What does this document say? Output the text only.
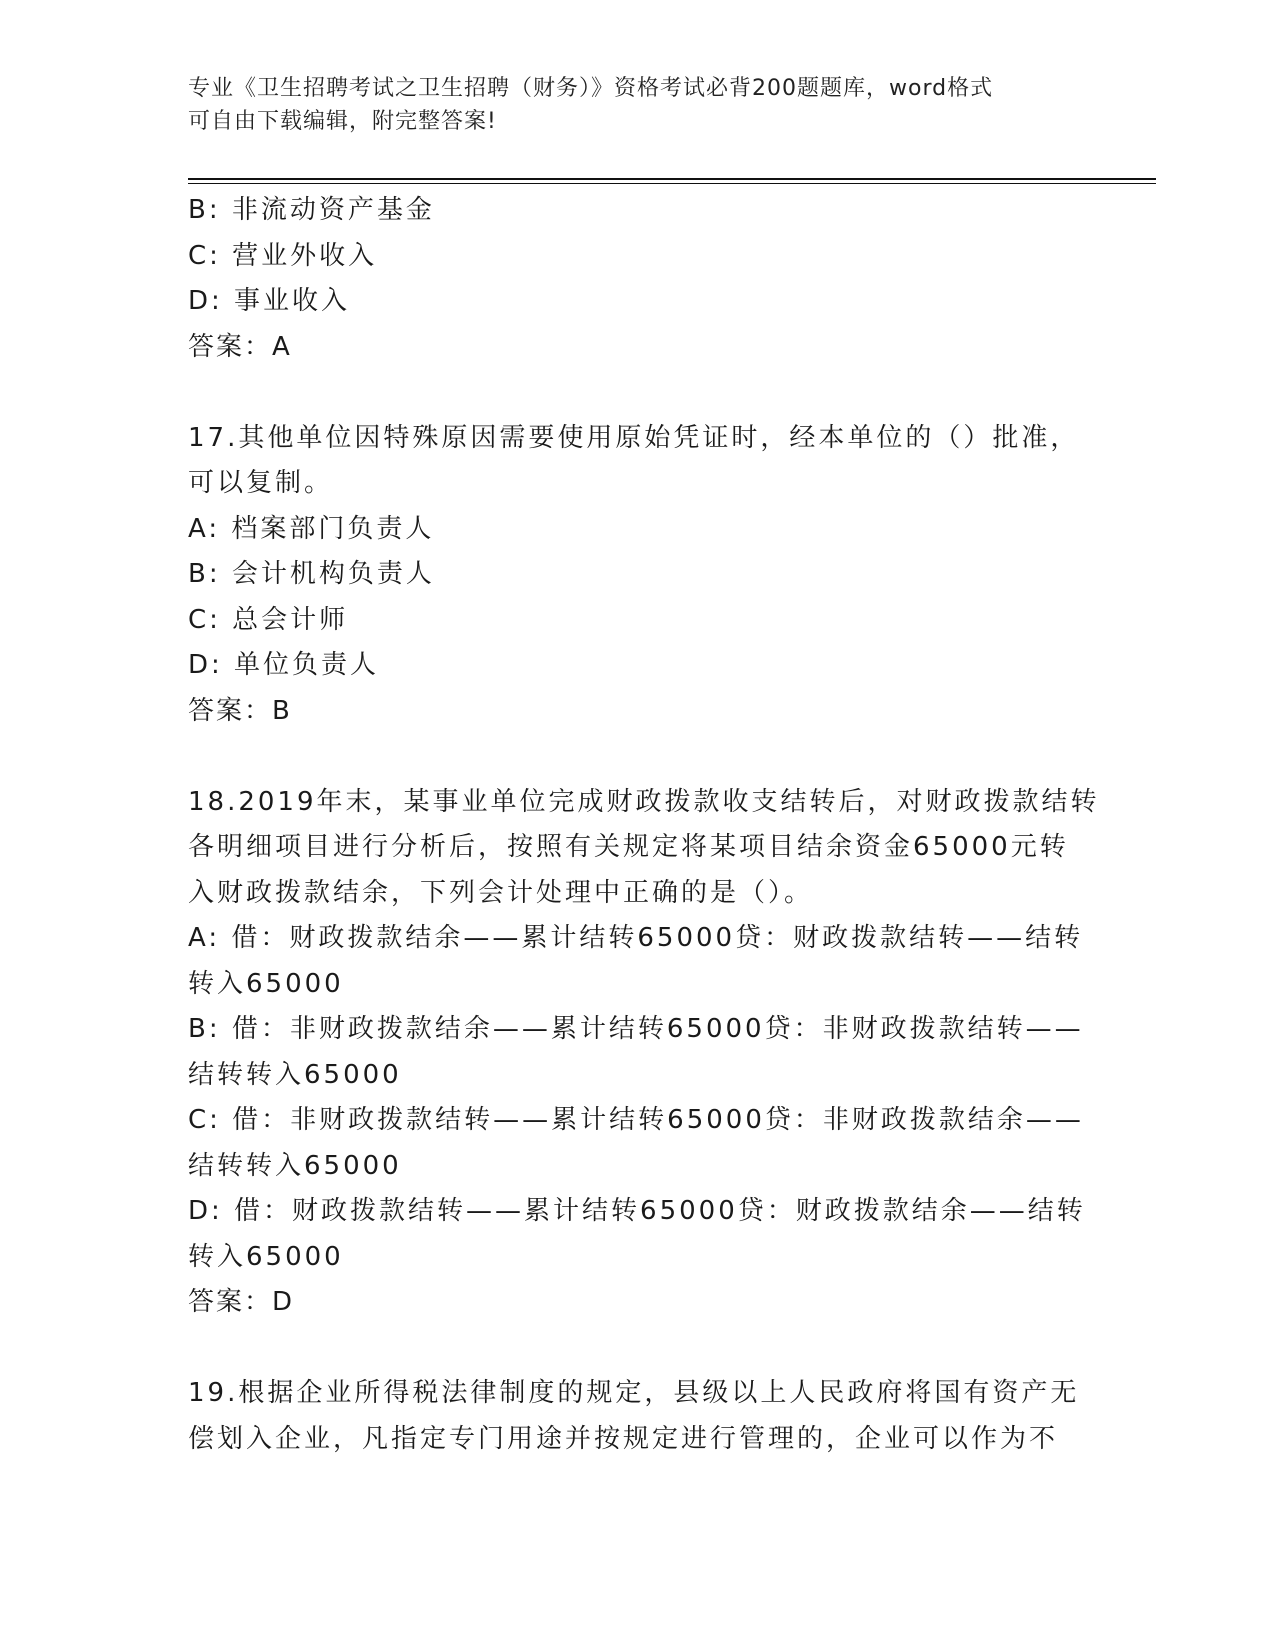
专业《卫生招聘考试之卫生招聘（财务）》资格考试必背200题题库，word格式
可自由下载编辑，附完整答案!
B: 非流动资产基金
C: 营业外收入
D: 事业收入
答案：A
17.其他单位因特殊原因需要使用原始凭证时，经本单位的（）批准，
可以复制。
A: 档案部门负责人
B: 会计机构负责人
C: 总会计师
D: 单位负责人
答案：B
18.2019年末，某事业单位完成财政拨款收支结转后，对财政拨款结转
各明细项目进行分析后，按照有关规定将某项目结余资金65000元转
入财政拨款结余，下列会计处理中正确的是（）。
A: 借：财政拨款结余——累计结转65000贷：财政拨款结转——结转
转入65000
B: 借：非财政拨款结余——累计结转65000贷：非财政拨款结转——
结转转入65000
C: 借：非财政拨款结转——累计结转65000贷：非财政拨款结余——
结转转入65000
D: 借：财政拨款结转——累计结转65000贷：财政拨款结余——结转
转入65000
答案：D
19.根据企业所得税法律制度的规定，县级以上人民政府将国有资产无
偿划入企业，凡指定专门用途并按规定进行管理的，企业可以作为不
